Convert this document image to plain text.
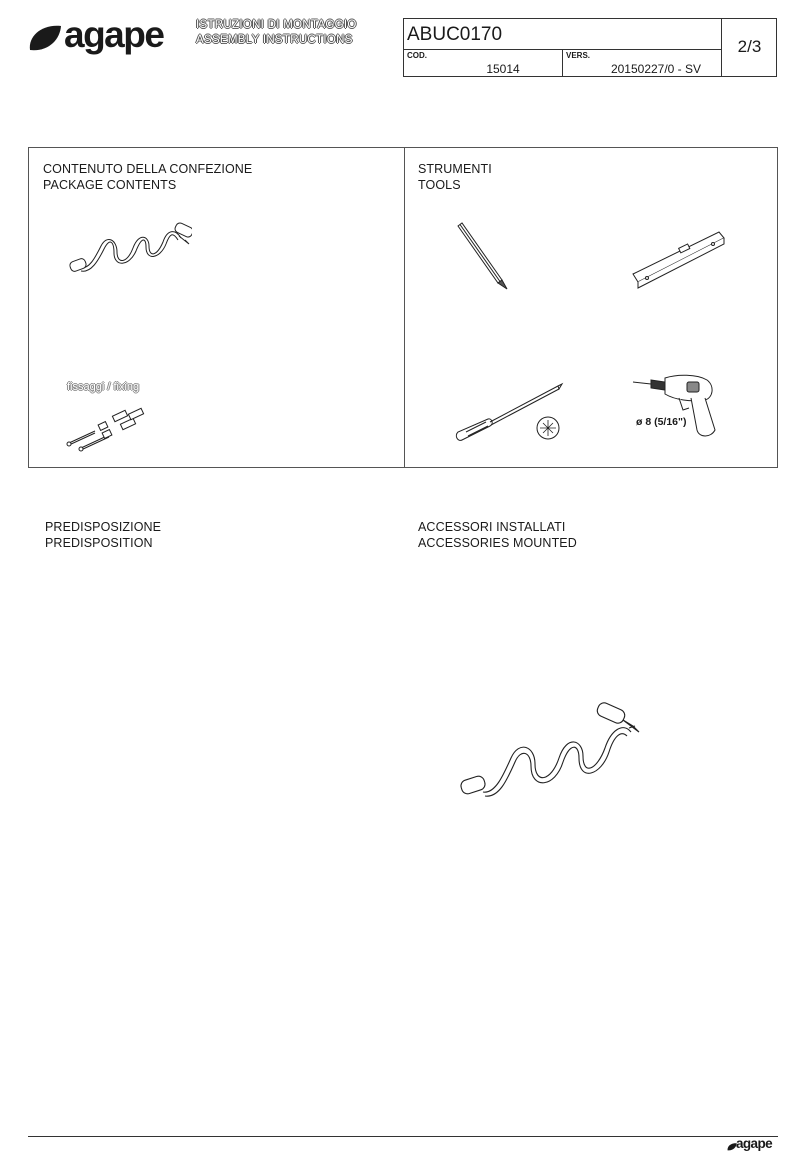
agape	ISTRUZIONI DI MONTAGGIO
ASSEMBLY INSTRUCTIONS	ABUC0170
2/3
COD.
15014
VERS.
20150227/0 - SV
CONTENUTO DELLA CONFEZIONE
PACKAGE CONTENTS
fissaggi / fixing
STRUMENTI
TOOLS
ø 8 (5/16")
PREDISPOSIZIONE
PREDISPOSITION
ACCESSORI INSTALLATI
ACCESSORIES MOUNTED
agape
